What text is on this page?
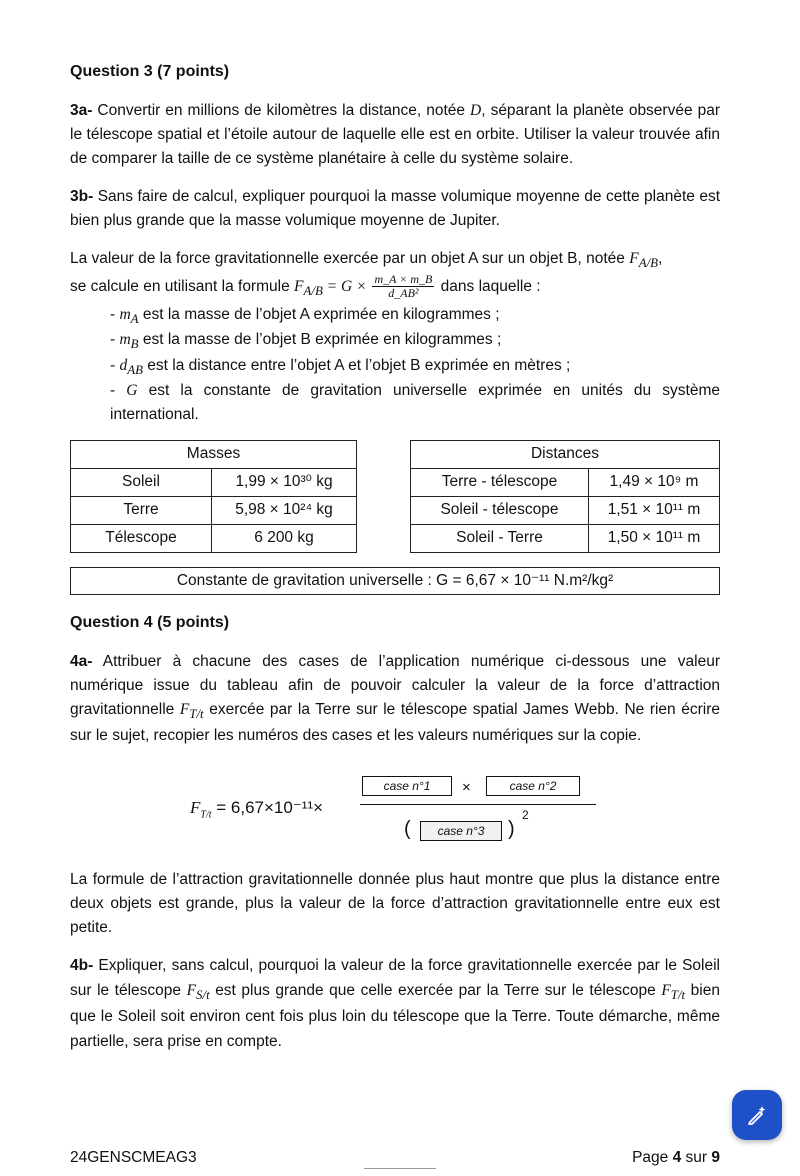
Question 3 (7 points)

3a- Convertir en millions de kilomètres la distance, notée D, séparant la planète observée par le télescope spatial et l’étoile autour de laquelle elle est en orbite. Utiliser la valeur trouvée afin de comparer la taille de ce système planétaire à celle du système solaire.

3b- Sans faire de calcul, expliquer pourquoi la masse volumique moyenne de cette planète est bien plus grande que la masse volumique moyenne de Jupiter.

La valeur de la force gravitationnelle exercée par un objet A sur un objet B, notée $F_{A/B}$,
se calcule en utilisant la formule $F_{A/B} = G \times \frac{m\_A \times m\_B}{\text{d\_AB²}}$ dans laquelle :

- $m_A$ est la masse de l’objet A exprimée en kilogrammes ;
- $m_B$ est la masse de l’objet B exprimée en kilogrammes ;
- $d_{AB}$ est la distance entre l’objet A et l’objet B exprimée en mètres ;
- G est la constante de gravitation universelle exprimée en unités du système international.
Masses	
Soleil	1,99 × 10³⁰ kg
Terre	5,98 × 10²⁴ kg
Télescope	6 200 kg
Distances	
Terre - télescope	1,49 × 10⁹ m
Soleil - télescope	1,51 × 10¹¹ m
Soleil - Terre	1,50 × 10¹¹ m
Constante de gravitation universelle : G = 6,67 × 10⁻¹¹ N.m²/kg²
Question 4 (5 points)

4a- Attribuer à chacune des cases de l’application numérique ci-dessous une valeur numérique issue du tableau afin de pouvoir calculer la valeur de la force d’attraction gravitationnelle $F_{T/t}$ exercée par la Terre sur le télescope spatial James Webb. Ne rien écrire sur le sujet, recopier les numéros des cases et les valeurs numériques sur la copie.

$F_{T/t} = 6,67\times 10^{-11}\times$
case n°1	×	case n°2
(	case n°3	)
2

La formule de l’attraction gravitationnelle donnée plus haut montre que plus la distance entre deux objets est grande, plus la valeur de la force d’attraction gravitationnelle entre eux est petite.

4b- Expliquer, sans calcul, pourquoi la valeur de la force gravitationnelle exercée par le Soleil sur le télescope $F_{S/t}$ est plus grande que celle exercée par la Terre sur le télescope $F_{T/t}$ bien que le Soleil soit environ cent fois plus loin du télescope que la Terre. Toute démarche, même partielle, sera prise en compte.

24GENSCMEAG3	Page 4 sur 9
